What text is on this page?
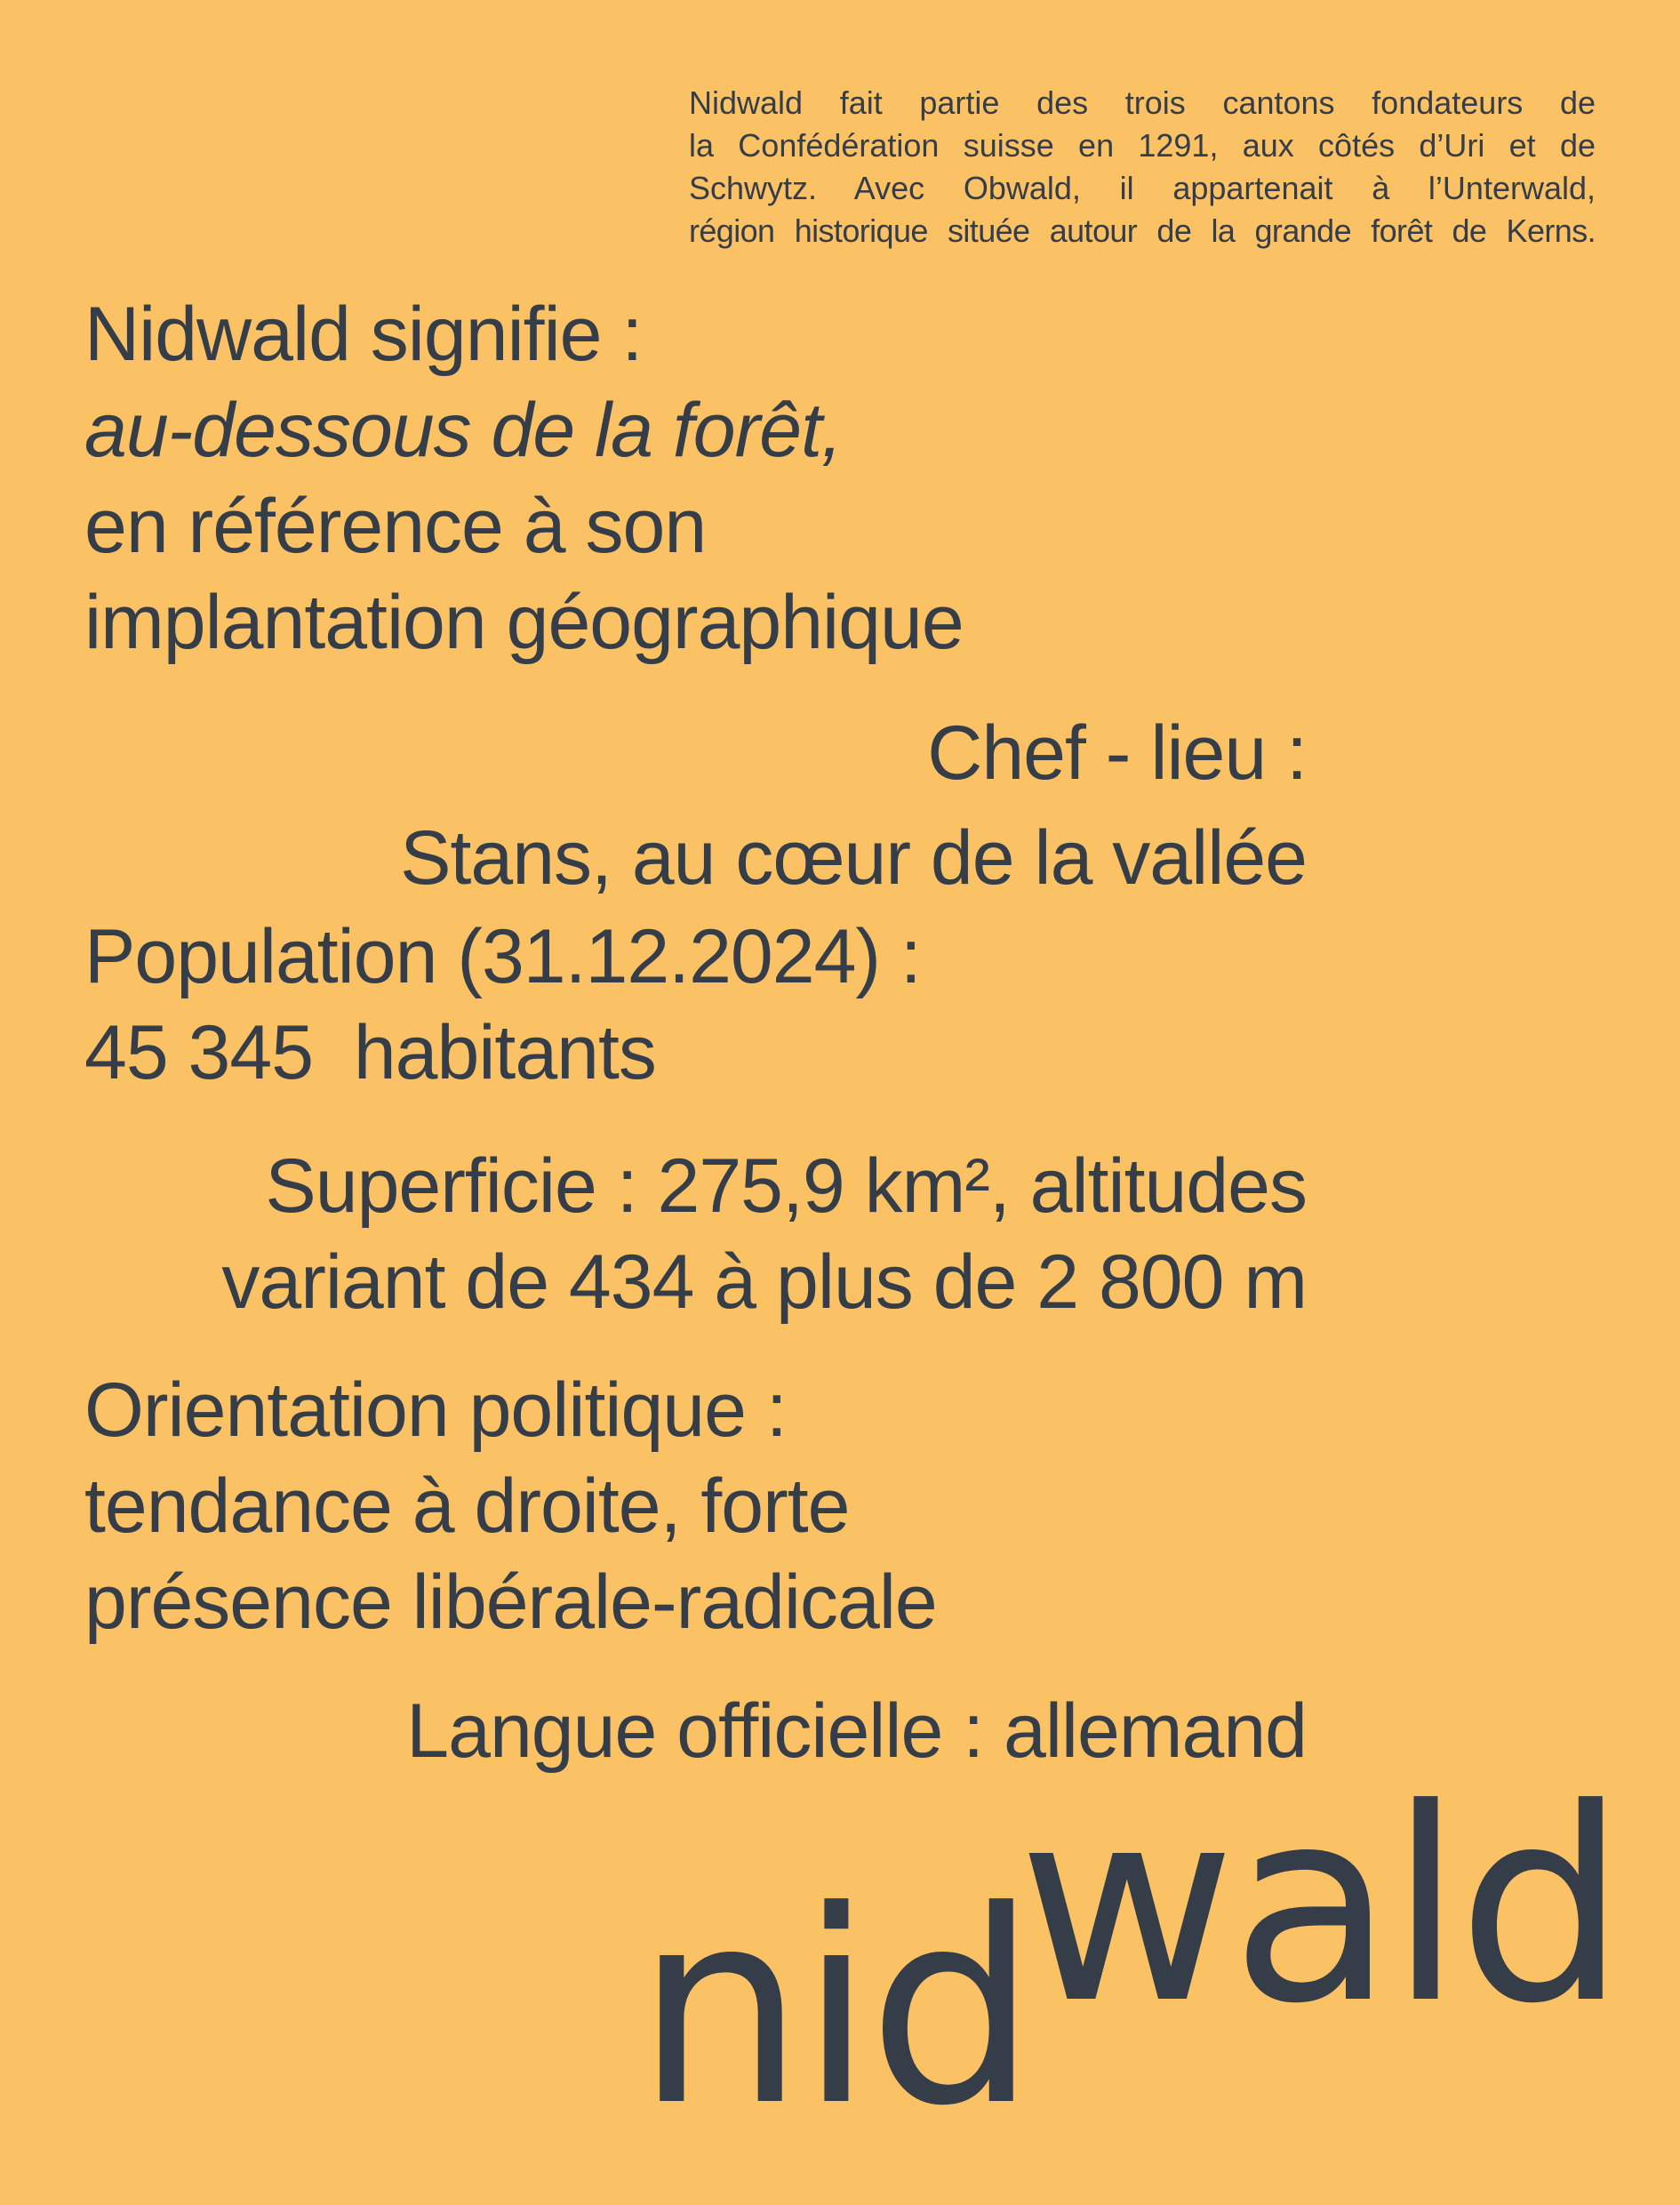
Nidwald fait partie des trois cantons fondateurs de
la Confédération suisse en 1291, aux côtés d’Uri et de
Schwytz. Avec Obwald, il appartenait à l’Unterwald,
région historique située autour de la grande forêt de Kerns.
Nidwald signifie :
au-dessous de la forêt,
en référence à son
implantation géographique
Chef - lieu :
Stans, au cœur de la vallée
Population (31.12.2024) :
45 345  habitants
Superficie : 275,9 km², altitudes
variant de 434 à plus de 2 800 m
Orientation politique :
tendance à droite, forte
présence libérale-radicale
Langue officielle : allemand
nid
wald
